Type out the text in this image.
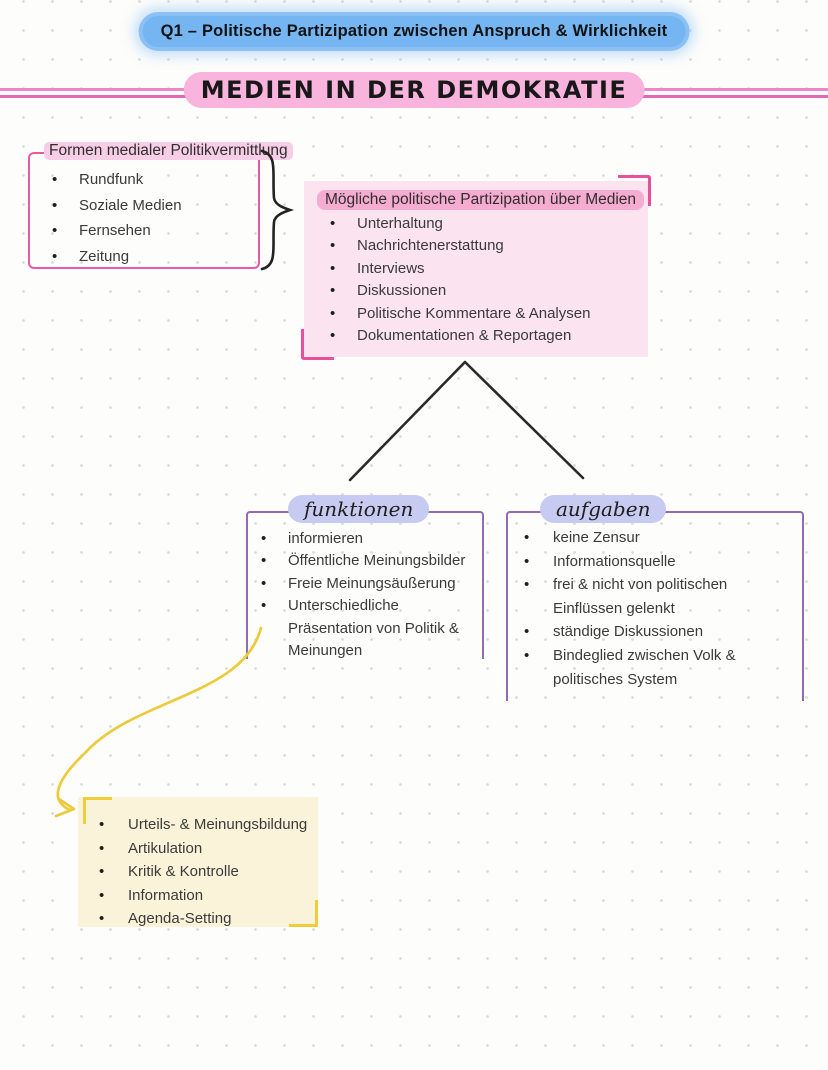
Q1 – Politische Partizipation zwischen Anspruch & Wirklichkeit
MEDIEN IN DER DEMOKRATIE
Formen medialer Politikvermittlung
• Rundfunk
• Soziale Medien
• Fernsehen
• Zeitung
Mögliche politische Partizipation über Medien
• Unterhaltung
• Nachrichtenerstattung
• Interviews
• Diskussionen
• Politische Kommentare & Analysen
• Dokumentationen & Reportagen
funktionen
• informieren
• Öffentliche Meinungsbilder
• Freie Meinungsäußerung
• Unterschiedliche Präsentation von Politik & Meinungen
aufgaben
• keine Zensur
• Informationsquelle
• frei & nicht von politischen Einflüssen gelenkt
• ständige Diskussionen
• Bindeglied zwischen Volk & politisches System
• Urteils- & Meinungsbildung
• Artikulation
• Kritik & Kontrolle
• Information
• Agenda-Setting
